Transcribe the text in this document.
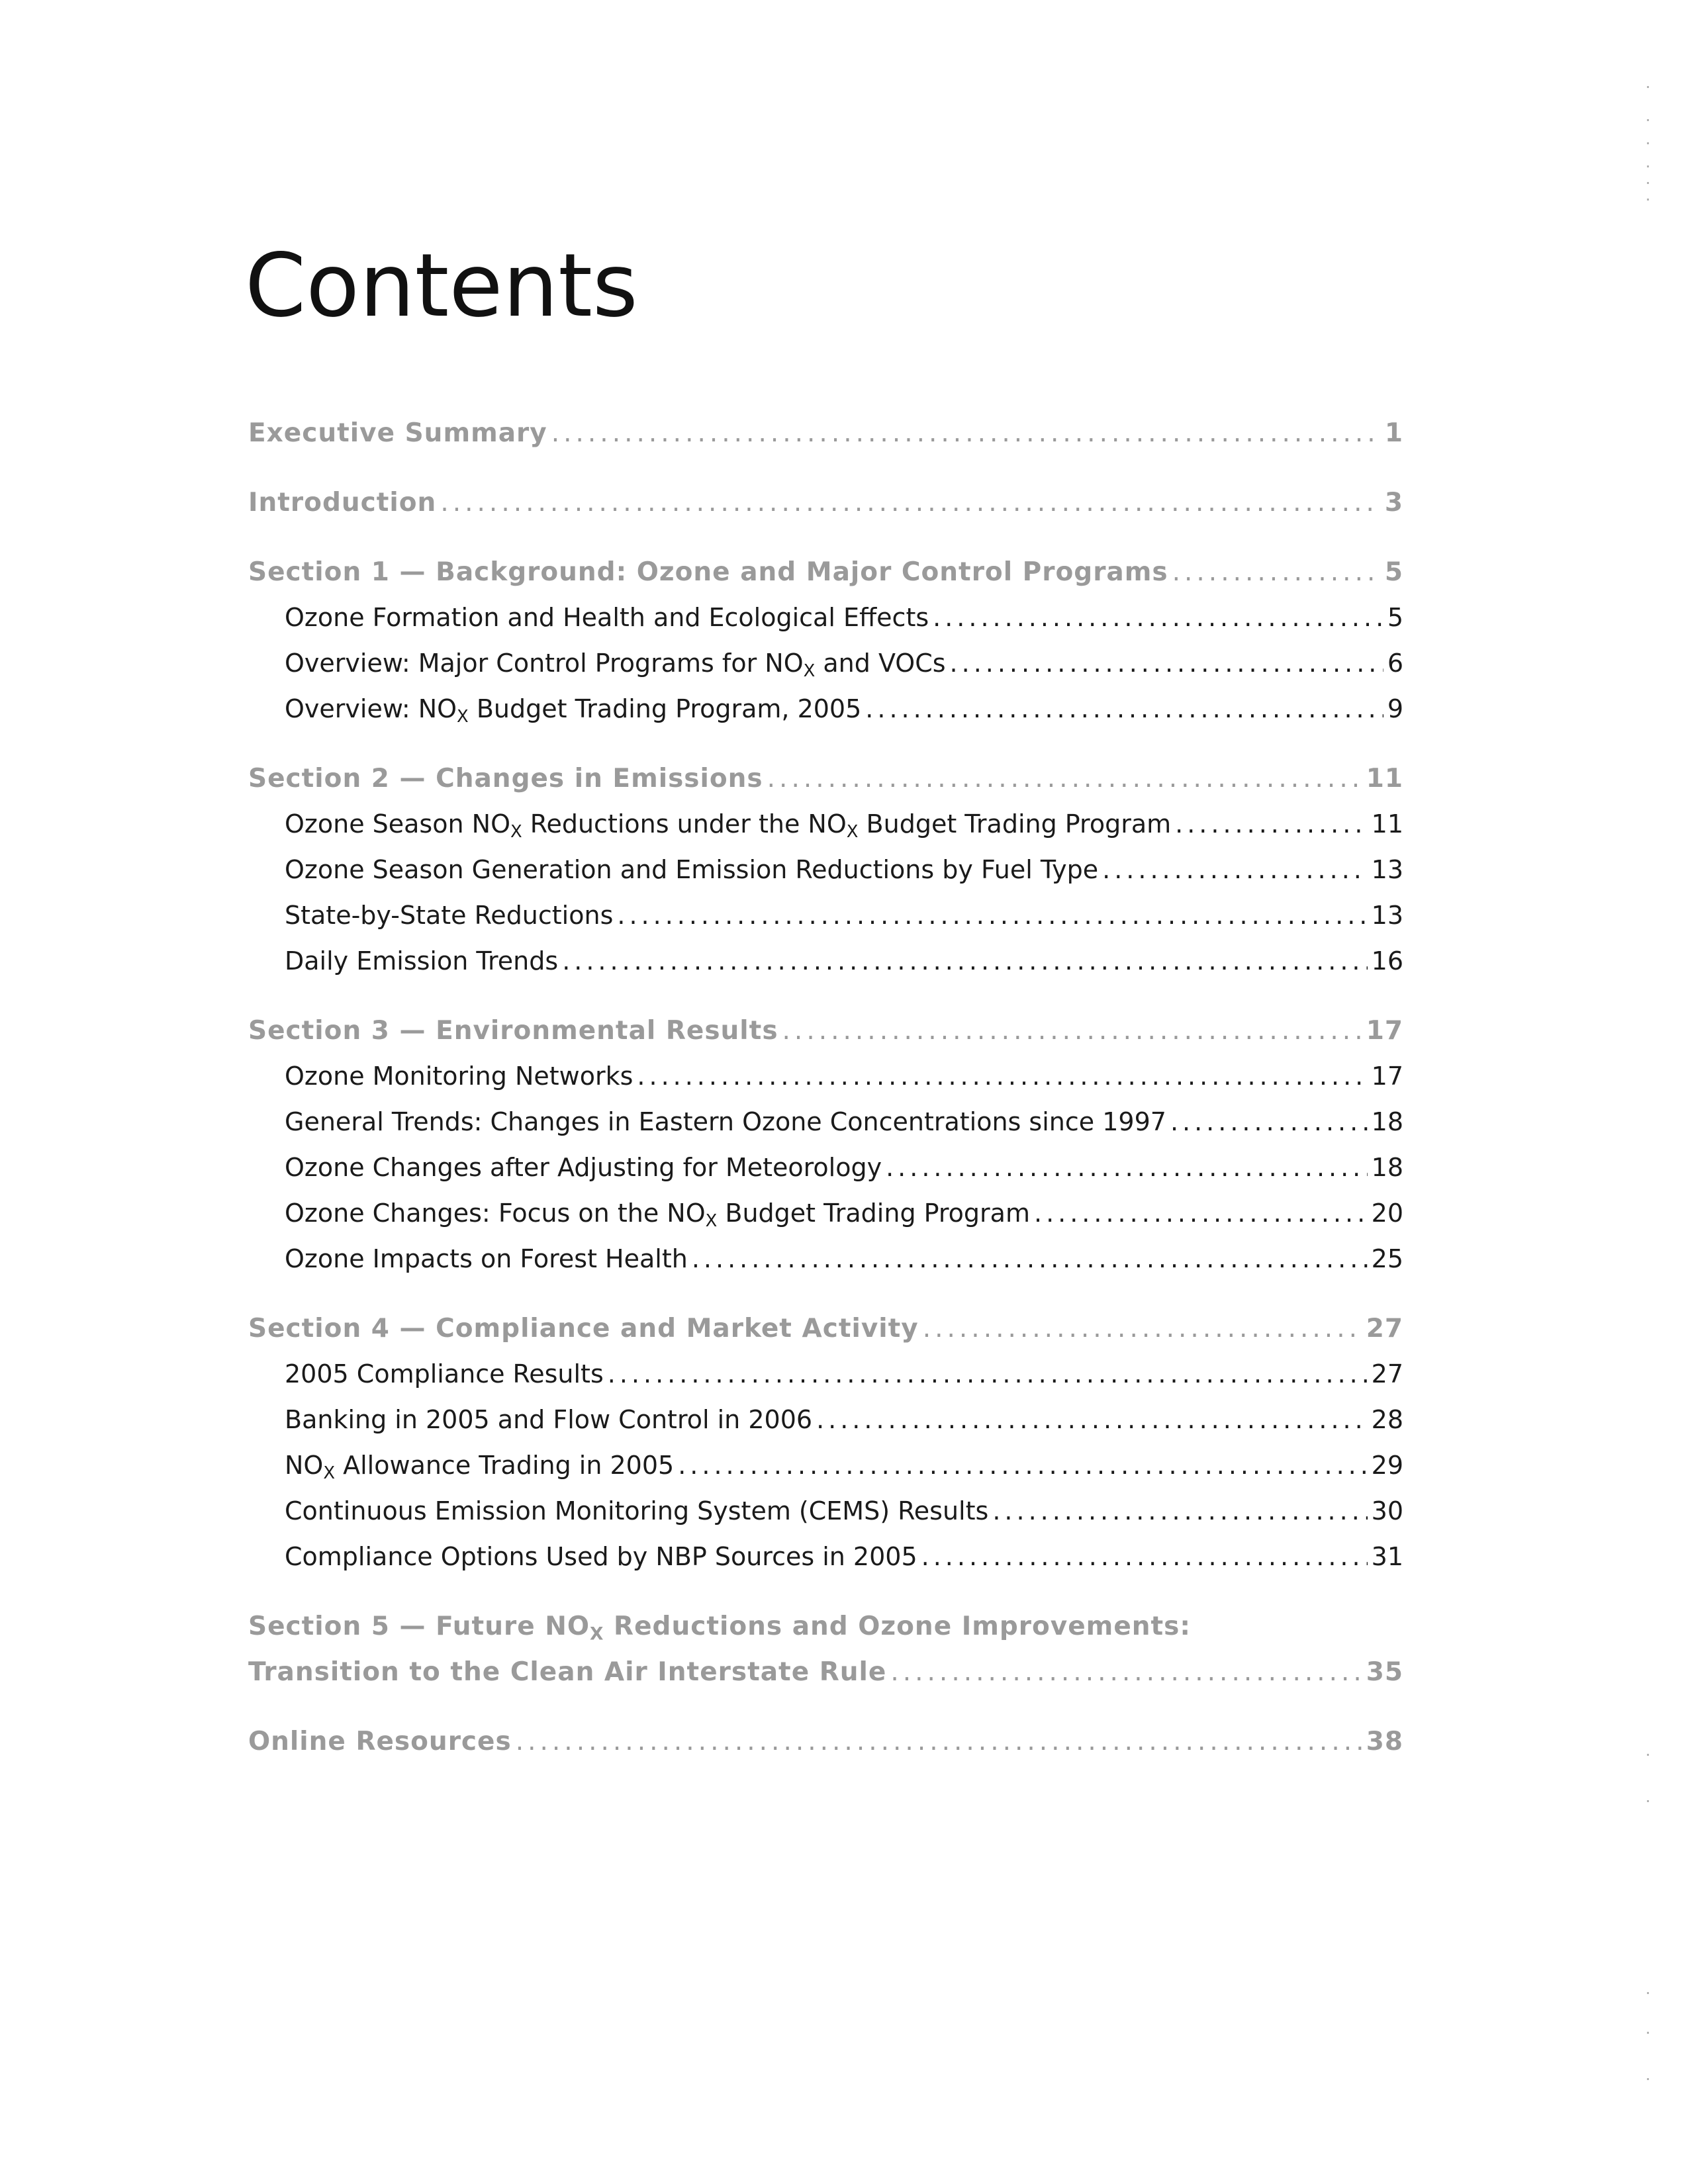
Contents
Executive Summary .....	1
Introduction .....	3
Section 1 — Background: Ozone and Major Control Programs .....	5
Ozone Formation and Health and Ecological Effects .....	5
Overview: Major Control Programs for $NO_X$ and VOCs .....	6
Overview: $NO_X$ Budget Trading Program, 2005 .....	9
Section 2 — Changes in Emissions .....	11
Ozone Season $NO_X$ Reductions under the $NO_X$ Budget Trading Program .....	11
Ozone Season Generation and Emission Reductions by Fuel Type .....	13
State-by-State Reductions .....	13
Daily Emission Trends .....	16
Section 3 — Environmental Results .....	17
Ozone Monitoring Networks .....	17
General Trends: Changes in Eastern Ozone Concentrations since 1997 .....	18
Ozone Changes after Adjusting for Meteorology .....	18
Ozone Changes: Focus on the $NO_X$ Budget Trading Program .....	20
Ozone Impacts on Forest Health .....	25
Section 4 — Compliance and Market Activity .....	27
2005 Compliance Results .....	27
Banking in 2005 and Flow Control in 2006 .....	28
$NO_X$ Allowance Trading in 2005 .....	29
Continuous Emission Monitoring System (CEMS) Results .....	30
Compliance Options Used by NBP Sources in 2005 .....	31
Section 5 — Future $NO_X$ Reductions and Ozone Improvements:
Transition to the Clean Air Interstate Rule .....	35
Online Resources .....	38
